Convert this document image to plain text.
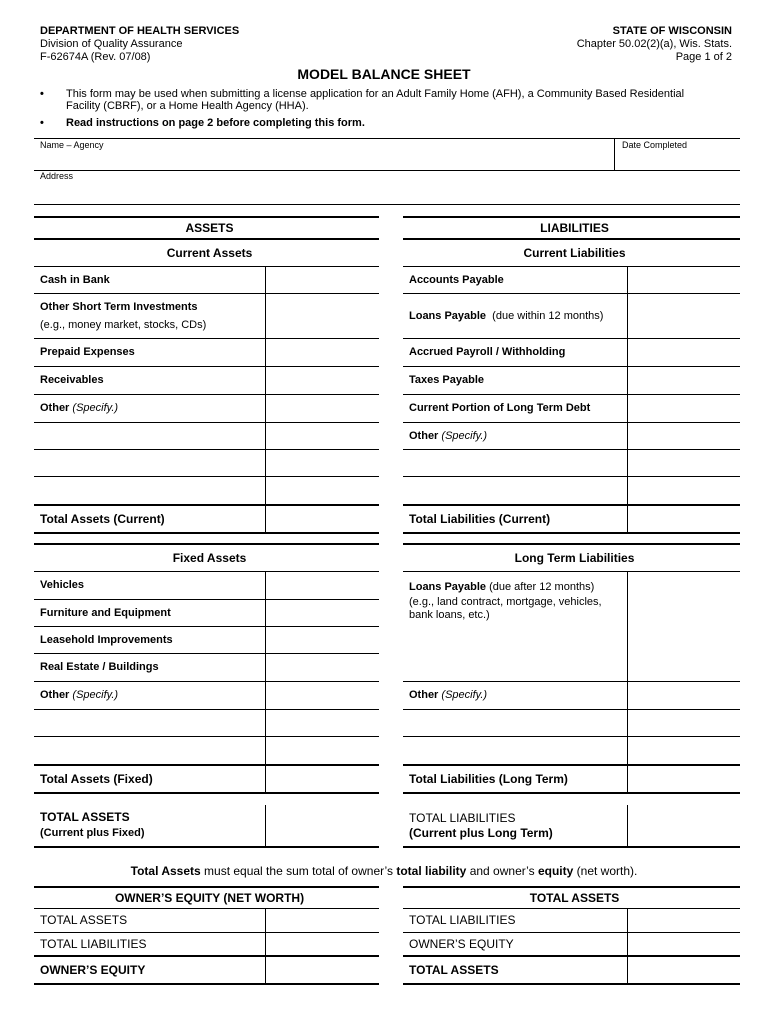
DEPARTMENT OF HEALTH SERVICES
Division of Quality Assurance
F-62674A (Rev. 07/08)
STATE OF WISCONSIN
Chapter 50.02(2)(a), Wis. Stats.
Page 1 of 2
MODEL BALANCE SHEET
• This form may be used when submitting a license application for an Adult Family Home (AFH), a Community Based Residential
Facility (CBRF), or a Home Health Agency (HHA).
• Read instructions on page 2 before completing this form.
Name – Agency	Date Completed
Address
ASSETS	
Current Assets	
Cash in Bank	
Other Short Term Investments
(e.g., money market, stocks, CDs)	
Prepaid Expenses	
Receivables	
Other (Specify.)	

Total Assets (Current)	
Fixed Assets	
Vehicles	
Furniture and Equipment	
Leasehold Improvements	
Real Estate / Buildings	
Other (Specify.)	

Total Assets (Fixed)	
TOTAL ASSETS
(Current plus Fixed)	
LIABILITIES	
Current Liabilities	
Accounts Payable	
Loans Payable (due within 12 months)	
Accrued Payroll / Withholding	
Taxes Payable	
Current Portion of Long Term Debt	
Other (Specify.)	

Total Liabilities (Current)	
Long Term Liabilities	
Loans Payable (due after 12 months)
(e.g., land contract, mortgage, vehicles,
bank loans, etc.)	

Other (Specify.)	

Total Liabilities (Long Term)	
TOTAL LIABILITIES
(Current plus Long Term)	
Total Assets must equal the sum total of owner’s total liability and owner’s equity (net worth).
OWNER’S EQUITY (NET WORTH)	
TOTAL ASSETS	
TOTAL LIABILITIES	
OWNER’S EQUITY	
TOTAL ASSETS	
TOTAL LIABILITIES	
OWNER’S EQUITY	
TOTAL ASSETS	
